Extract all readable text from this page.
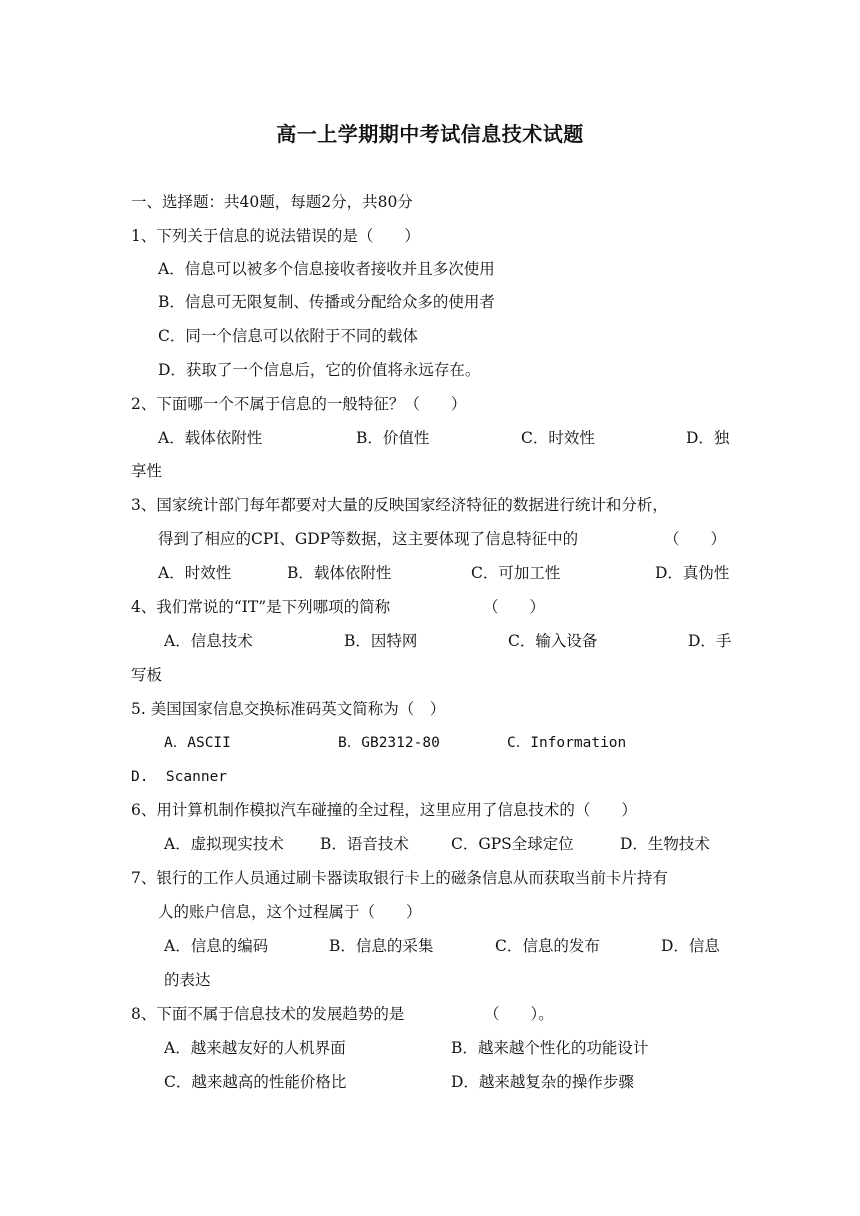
高一上学期期中考试信息技术试题
一、选择题：共40题，每题2分，共80分
1、下列关于信息的说法错误的是（　　）
A．信息可以被多个信息接收者接收并且多次使用
B．信息可无限复制、传播或分配给众多的使用者
C．同一个信息可以依附于不同的载体
D．获取了一个信息后，它的价值将永远存在。
2、下面哪一个不属于信息的一般特征？（　　）
A．载体依附性	B．价值性	C．时效性	D．独
享性
3、国家统计部门每年都要对大量的反映国家经济特征的数据进行统计和分析，
得到了相应的CPI、GDP等数据，这主要体现了信息特征中的	（　　）
A．时效性	B．载体依附性	C．可加工性	D．真伪性
4、我们常说的“IT”是下列哪项的简称	（　　）
A．信息技术	B．因特网	C．输入设备	D．手
写板
5. 美国国家信息交换标准码英文简称为（　）
A．ASCII	B．GB2312-80	C．Information
D.  Scanner
6、用计算机制作模拟汽车碰撞的全过程，这里应用了信息技术的（　　）
A．虚拟现实技术 B．语音技术	C．GPS全球定位	D．生物技术
7、银行的工作人员通过刷卡器读取银行卡上的磁条信息从而获取当前卡片持有
人的账户信息，这个过程属于（　　）
A．信息的编码	B．信息的采集	C．信息的发布	D．信息
的表达
8、下面不属于信息技术的发展趋势的是	（　　）。
A．越来越友好的人机界面	B．越来越个性化的功能设计
C．越来越高的性能价格比	D．越来越复杂的操作步骤
